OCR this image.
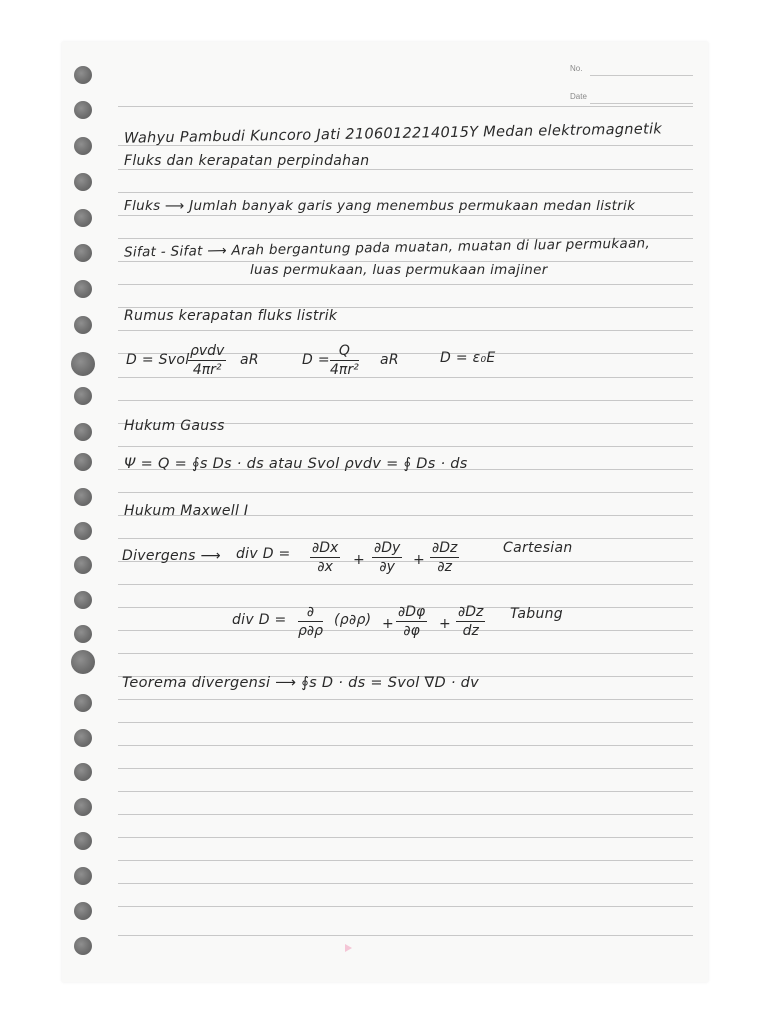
No.
Date
Wahyu Pambudi Kuncoro Jati 2106012214015Y Medan elektromagnetik
Fluks dan kerapatan perpindahan
Fluks ⟶ Jumlah banyak garis yang menembus permukaan medan listrik
Sifat - Sifat ⟶ Arah bergantung pada muatan, muatan di luar permukaan,
luas permukaan, luas permukaan imajiner
Rumus kerapatan fluks listrik
D = Svol
ρvdv
4πr²
aR	$D = \frac{Q}{\text{4πr²}}$ aR	D = ε₀E
Hukum Gauss
Ψ = Q = ∮s Ds · ds atau Svol ρvdv = ∮ Ds · ds
Hukum Maxwell I
Divergens ⟶ div $D = \frac{\partial Dx}{\partial x} + \frac{\partial Dy}{\partial y} + \frac{\partial Dz}{\partial z}$	Cartesian
div D =	∂
ρ∂ρ
$(\rho\partial\rho) + \frac{\partial D\varphi}{\partial\varphi} + \frac{\partial Dz}{dz}$ Tabung
Teorema divergensi ⟶ ∮s D · ds = Svol ∇D · dv
